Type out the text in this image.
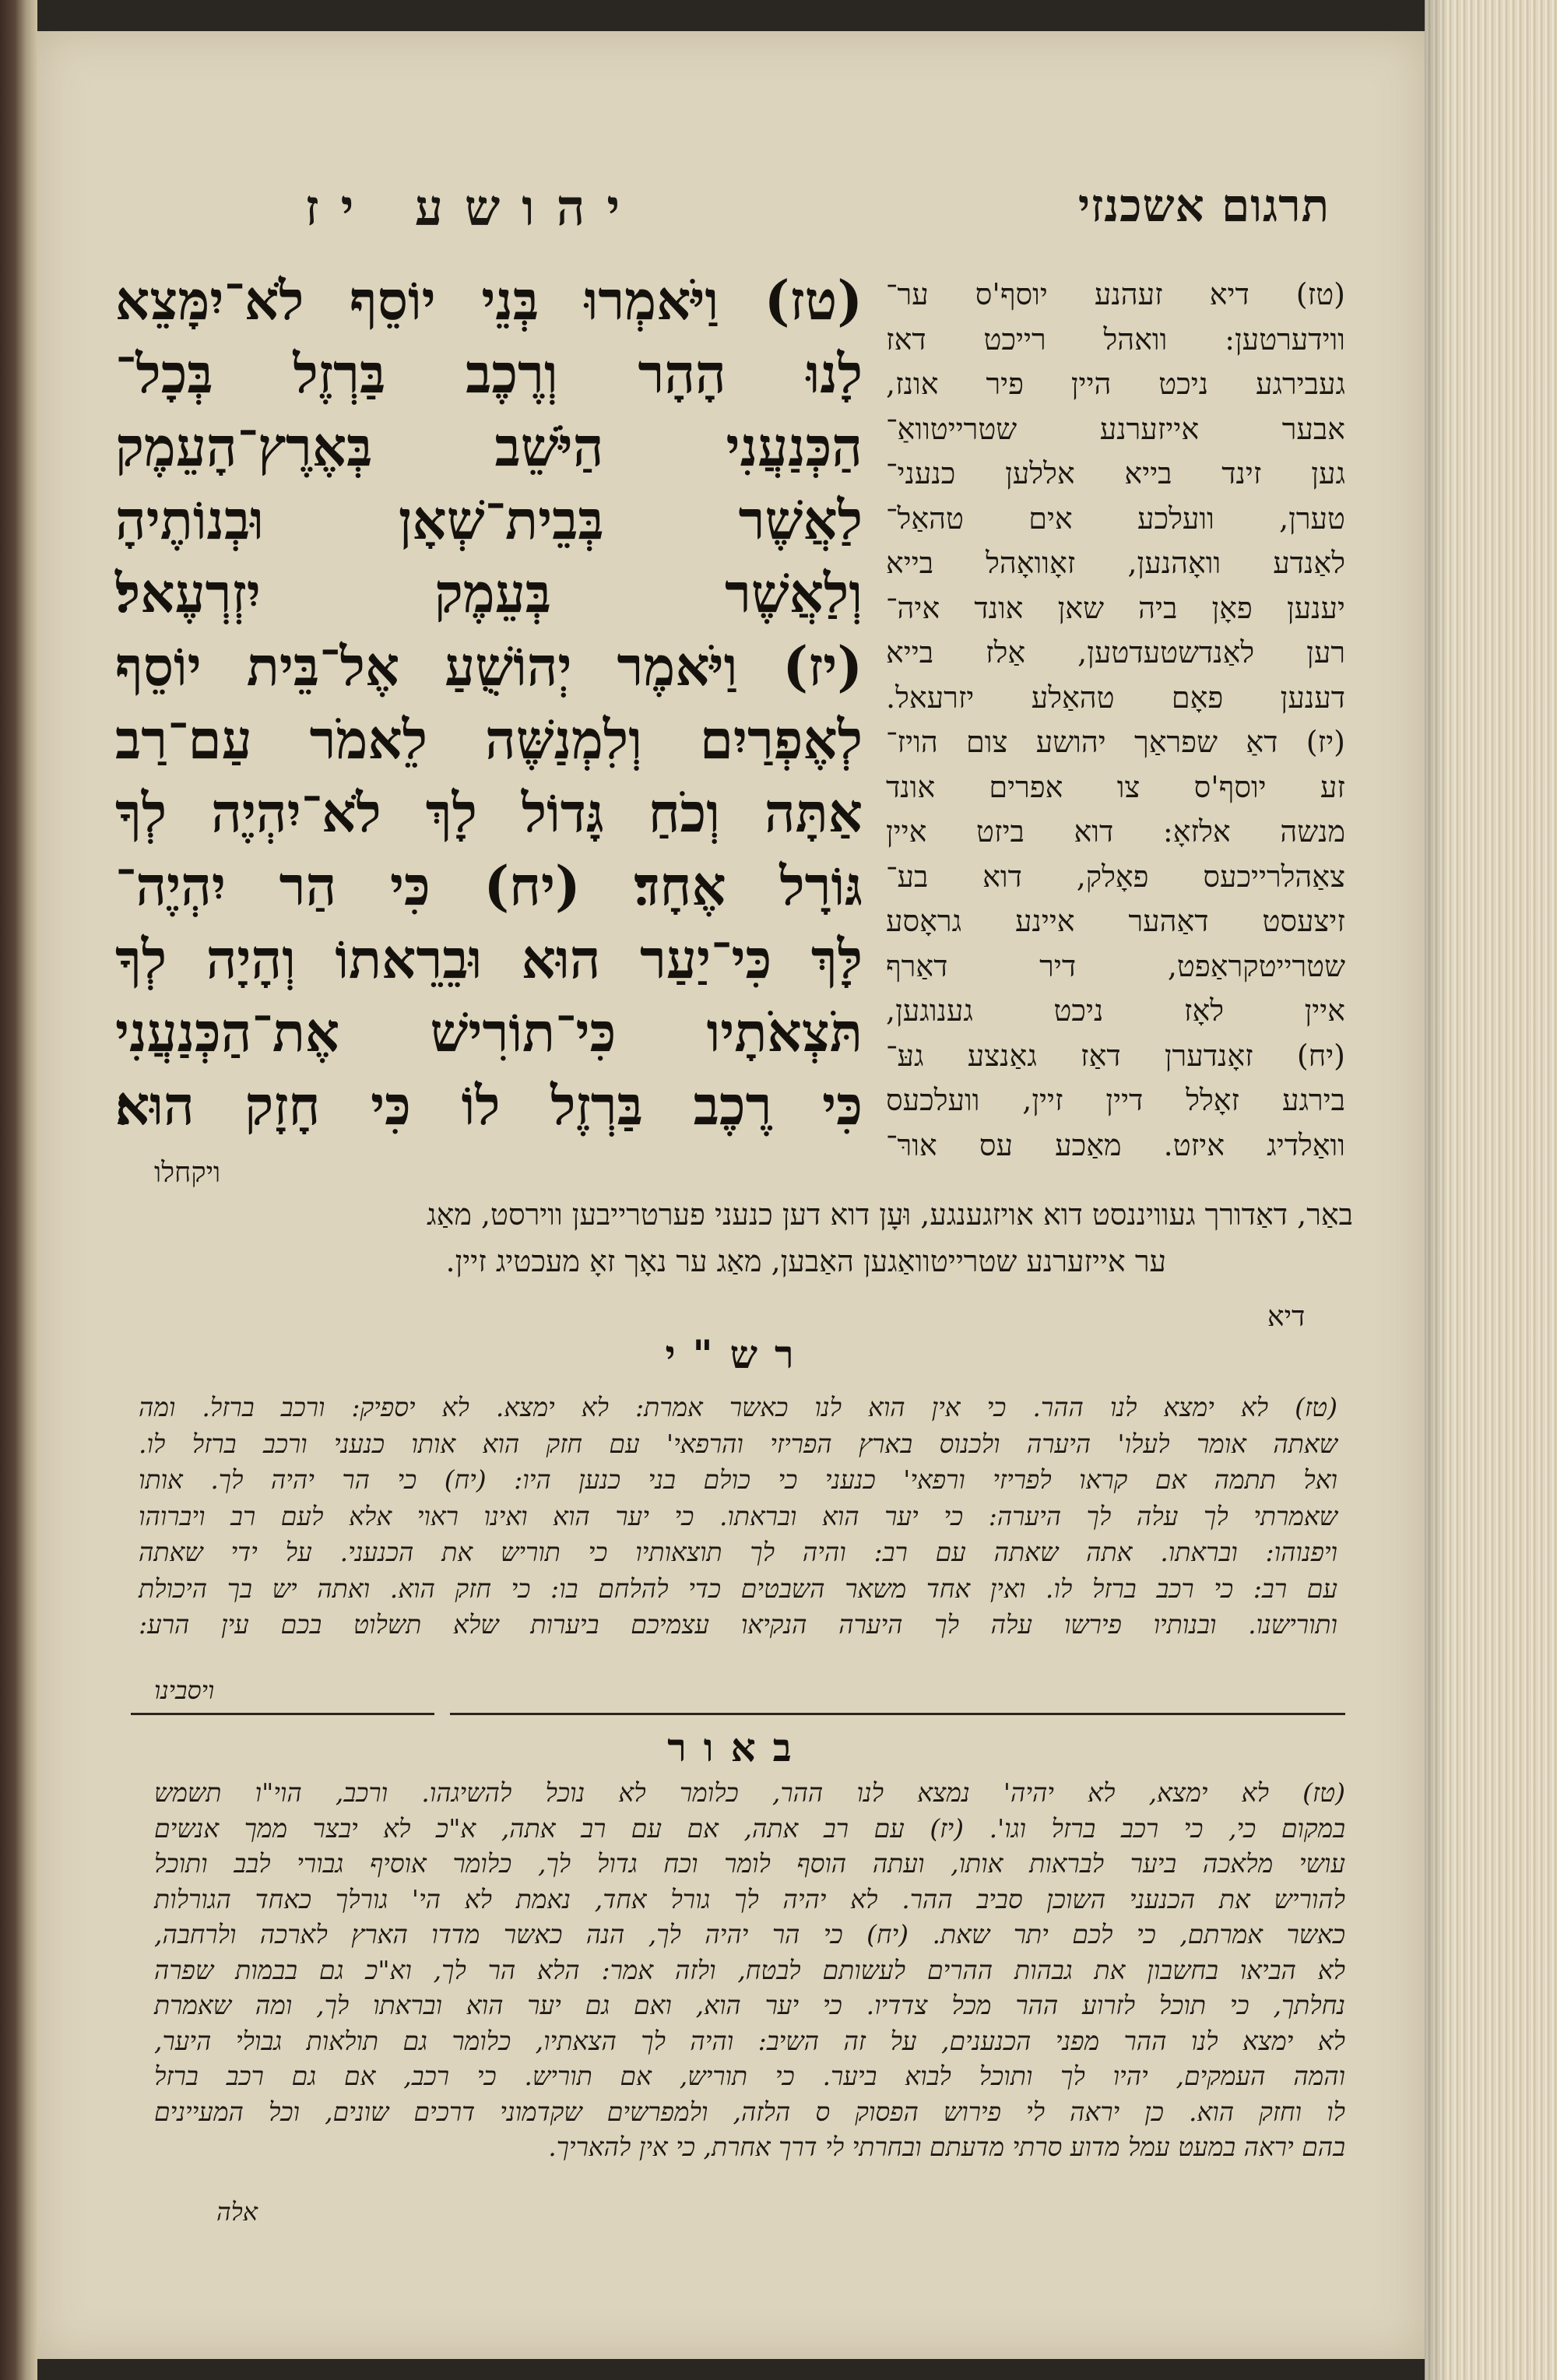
תרגום אשכנזי
יהושע יז
(טז) וַיֹּאמְרוּ בְּנֵי יוֹסֵף לֹא־יִמָּצֵא
לָנוּ הָהָר וְרֶכֶב בַּרְזֶל בְּכָל־
הַכְּנַעֲנִי הַיֹּשֵׁב בְּאֶרֶץ־הָעֵמֶק
לַאֲשֶׁר בְּבֵית־שְׁאָן וּבְנוֹתֶיהָ
וְלַאֲשֶׁר בְּעֵמֶק יִזְרְעֶאל׃
(יז) וַיֹּאמֶר יְהוֹשֻׁעַ אֶל־בֵּית יוֹסֵף
לְאֶפְרַיִם וְלִמְנַשֶּׁה לֵאמֹר עַם־רַב
אַתָּה וְכֹחַ גָּדוֹל לָךְ לֹא־יִהְיֶה לְךָ
גּוֹרָל אֶחָד׃ (יח) כִּי הַר יִהְיֶה־
לָּךְ כִּי־יַעַר הוּא וּבֵרֵאתוֹ וְהָיָה לְךָ
תֹּצְאֹתָיו כִּי־תוֹרִישׁ אֶת־הַכְּנַעֲנִי
כִּי רֶכֶב בַּרְזֶל לוֹ כִּי חָזָק הוּא׃
ויקחלו
(טז) דיא זעהנע יוסף'ס ער־
ווידערטען: וואהל רייכט דאז
געבירגע ניכט היין פיר אונז,
אבער אייזערנע שטרייטוואַ־
גען זינד בייא אללען כנעני־
טערן, וועלכע אים טהאַל־
לאַנדע וואָהנען, זאָוואָהל בייא
יענען פאָן ביה שאן אונד איה־
רען לאַנדשטעדטען, אַלז בייא
דענען פאָם טהאַלע יזרעאל.
(יז) דאַ שפראַך יהושע צום הויז־
זע יוסף'ס צו אפרים אונד
מנשה אלזאָ: דוא ביזט איין
צאַהלרייכעס פאָלק, דוא בע־
זיצעסט דאַהער איינע גראָסע
שטרייטקראַפט, דיר דאַרף
איין לאָז ניכט גענוגען,
(יח) זאָנדערן דאַז גאַנצע געּ־
בירגע זאָלל דיין זיין, וועלכעס
וואַלדיג איזט. מאַכע עס אורּ־
באַר, דאַדורך געוויננסט דוא אויזגענגע, וּעָן דוא דען כנעני פערטרייבען ווירסט, מאַג
ער אייזערנע שטרייטוואַגען האַבען, מאַג ער נאָך זאָ מעכטיג זיין.
דיא
רש"י
(טז) לא ימצא לנו ההר. כי אין הוא לנו כאשר אמרת: לא ימצא. לא יספיק: ורכב ברזל. ומה
שאתה אומר לעלו' היערה ולכנוס בארץ הפריזי והרפאי' עם חזק הוא אותו כנעני ורכב ברזל לו.
ואל תתמה אם קראו לפריזי ורפאי' כנעני כי כולם בני כנען היו: (יח) כי הר יהיה לך. אותו
שאמרתי לך עלה לך היערה: כי יער הוא ובראתו. כי יער הוא ואינו ראוי אלא לעם רב ויברוהו
ויפנוהו: ובראתו. אתה שאתה עם רב: והיה לך תוצאותיו כי תוריש את הכנעני. על ידי שאתה
עם רב: כי רכב ברזל לו. ואין אחד משאר השבטים כדי להלחם בו: כי חזק הוא. ואתה יש בך היכולת
ותורישנו. ובנותיו פירשו עלה לך היערה הנקיאו עצמיכם ביערות שלא תשלוט בכם עין הרע:
ויסבינו
באור
(טז) לא ימצא, לא יהיה' נמצא לנו ההר, כלומר לא נוכל להשיגהו. ורכב, הוי"ו תשמש
במקום כי, כי רכב ברזל וגו'. (יז) עם רב אתה, אם עם רב אתה, א"כ לא יבצר ממך אנשים
עושי מלאכה ביער לבראות אותו, ועתה הוסף לומר וכח גדול לך, כלומר אוסיף גבורי לבב ותוכל
להוריש את הכנעני השוכן סביב ההר. לא יהיה לך גורל אחד, נאמת לא הי' גורלך כאחד הגורלות
כאשר אמרתם, כי לכם יתר שאת. (יח) כי הר יהיה לך, הנה כאשר מדדו הארץ לארכה ולרחבה,
לא הביאו בחשבון את גבהות ההרים לעשותם לבטח, ולזה אמר: הלא הר לך, וא"כ גם בבמות שפרה
נחלתך, כי תוכל לזרוע ההר מכל צדדיו. כי יער הוא, ואם גם יער הוא ובראתו לך, ומה שאמרת
לא ימצא לנו ההר מפני הכנענים, על זה השיב: והיה לך הצאתיו, כלומר גם תולאות גבולי היער,
והמה העמקים, יהיו לך ותוכל לבוא ביער. כי תוריש, אם תוריש. כי רכב, אם גם רכב ברזל
לו וחזק הוא. כן יראה לי פירוש הפסוק ס הלזה, ולמפרשים שקדמוני דרכים שונים, וכל המעיינים
בהם יראה במעט עמל מדוע סרתי מדעתם ובחרתי לי דרך אחרת, כי אין להאריך.
אלה
